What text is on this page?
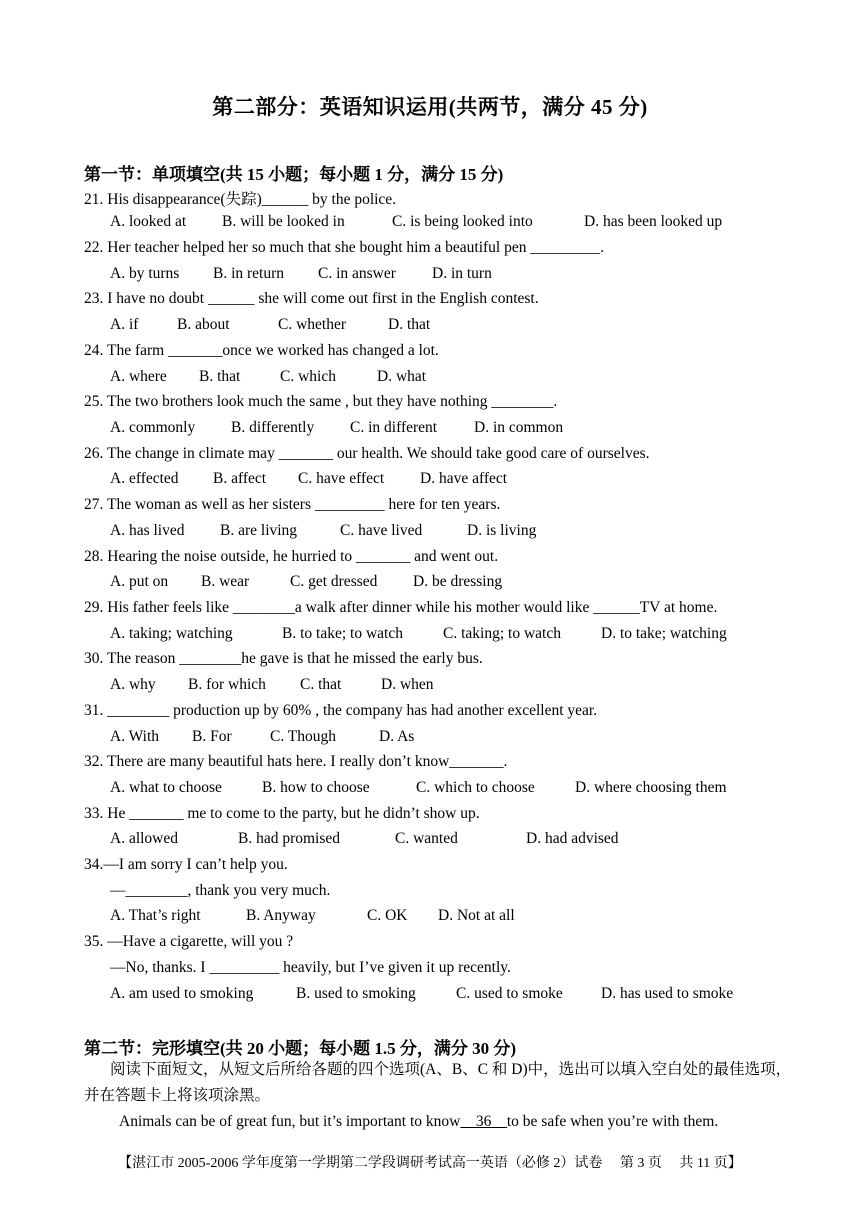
第二部分：英语知识运用(共两节，满分 45 分)
第一节：单项填空(共 15 小题；每小题 1 分，满分 15 分)
21. His disappearance(失踪)______ by the police.
A. looked at B. will be looked in	C. is being looked into	D. has been looked up
22. Her teacher helped her so much that she bought him a beautiful pen _________.
A. by turns B. in return C. in answer D. in turn
23. I have no doubt ______ she will come out first in the English contest.
A. if B. about	C. whether	D. that
24. The farm _______once we worked has changed a lot.
A. where B. that	C. which	D. what
25. The two brothers look much the same , but they have nothing ________.
A. commonly B. differently C. in different D. in common
26. The change in climate may _______ our health. We should take good care of ourselves.
A. effected B. affect C. have effect D. have affect
27. The woman as well as her sisters _________ here for ten years.
A. has lived B. are living	C. have lived	D. is living
28. Hearing the noise outside, he hurried to _______ and went out.
A. put on B. wear	C. get dressed D. be dressing
29. His father feels like ________a walk after dinner while his mother would like ______TV at home.
A. taking; watching	B. to take; to watch	C. taking; to watch	D. to take; watching
30. The reason ________he gave is that he missed the early bus.
A. why B. for which C. that	D. when
31. ________ production up by 60% , the company has had another excellent year.
A. With B. For C. Though	D. As
32. There are many beautiful hats here. I really don’t know_______.
A. what to choose	B. how to choose	C. which to choose	D. where choosing them
33. He _______ me to come to the party, but he didn’t show up.
A. allowed	B. had promised	C. wanted	D. had advised
34.—I am sorry I can’t help you.
—________, thank you very much.
A. That’s right	B. Anyway	C. OK D. Not at all
35. —Have a cigarette, will you ?
—No, thanks. I _________ heavily, but I’ve given it up recently.
A. am used to smoking	B. used to smoking	C. used to smoke D. has used to smoke
第二节：完形填空(共 20 小题；每小题 1.5 分，满分 30 分)
阅读下面短文，从短文后所给各题的四个选项(A、B、C 和 D)中，选出可以填入空白处的最佳选项，并在答题卡上将该项涂黑。
Animals can be of great fun, but it’s important to know    36    to be safe when you’re with them.
【湛江市 2005-2006 学年度第一学期第二学段调研考试高一英语（必修 2）试卷　 第 3 页　 共 11 页】
